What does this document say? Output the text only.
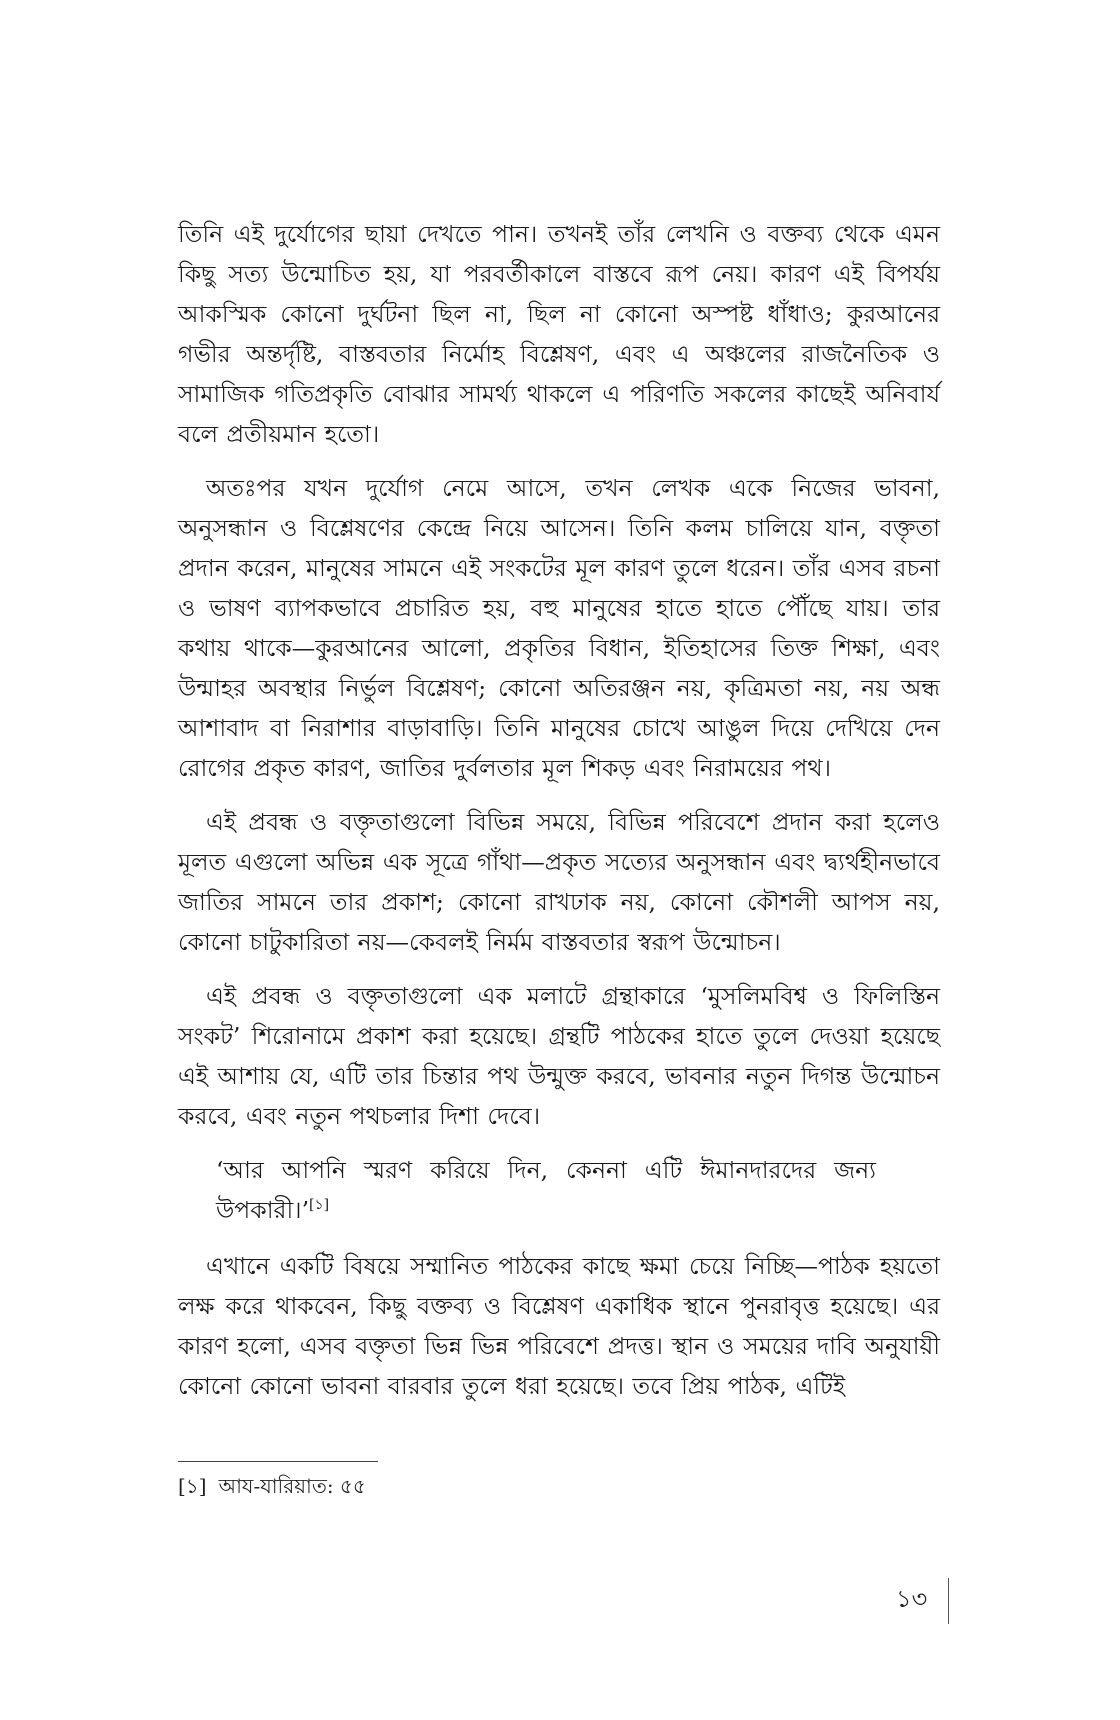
তিনি এই দুর্যোগের ছায়া দেখতে পান। তখনই তাঁর লেখনি ও বক্তব্য থেকে এমন কিছু সত্য উন্মোচিত হয়, যা পরবর্তীকালে বাস্তবে রূপ নেয়। কারণ এই বিপর্যয় আকস্মিক কোনো দুর্ঘটনা ছিল না, ছিল না কোনো অস্পষ্ট ধাঁধাও; কুরআনের গভীর অন্তর্দৃষ্টি, বাস্তবতার নির্মোহ বিশ্লেষণ, এবং এ অঞ্চলের রাজনৈতিক ও সামাজিক গতিপ্রকৃতি বোঝার সামর্থ্য থাকলে এ পরিণতি সকলের কাছেই অনিবার্য বলে প্রতীয়মান হতো।

অতঃপর যখন দুর্যোগ নেমে আসে, তখন লেখক একে নিজের ভাবনা, অনুসন্ধান ও বিশ্লেষণের কেন্দ্রে নিয়ে আসেন। তিনি কলম চালিয়ে যান, বক্তৃতা প্রদান করেন, মানুষের সামনে এই সংকটের মূল কারণ তুলে ধরেন। তাঁর এসব রচনা ও ভাষণ ব্যাপকভাবে প্রচারিত হয়, বহু মানুষের হাতে হাতে পৌঁছে যায়। তার কথায় থাকে—কুরআনের আলো, প্রকৃতির বিধান, ইতিহাসের তিক্ত শিক্ষা, এবং উন্মাহর অবস্থার নির্ভুল বিশ্লেষণ; কোনো অতিরঞ্জন নয়, কৃত্রিমতা নয়, নয় অন্ধ আশাবাদ বা নিরাশার বাড়াবাড়ি। তিনি মানুষের চোখে আঙুল দিয়ে দেখিয়ে দেন রোগের প্রকৃত কারণ, জাতির দুর্বলতার মূল শিকড় এবং নিরাময়ের পথ।

এই প্রবন্ধ ও বক্তৃতাগুলো বিভিন্ন সময়ে, বিভিন্ন পরিবেশে প্রদান করা হলেও মূলত এগুলো অভিন্ন এক সূত্রে গাঁথা—প্রকৃত সত্যের অনুসন্ধান এবং দ্ব্যর্থহীনভাবে জাতির সামনে তার প্রকাশ; কোনো রাখঢাক নয়, কোনো কৌশলী আপস নয়, কোনো চাটুকারিতা নয়—কেবলই নির্মম বাস্তবতার স্বরূপ উন্মোচন।

এই প্রবন্ধ ও বক্তৃতাগুলো এক মলাটে গ্রন্থাকারে ‘মুসলিমবিশ্ব ও ফিলিস্তিন সংকট’ শিরোনামে প্রকাশ করা হয়েছে। গ্রন্থটি পাঠকের হাতে তুলে দেওয়া হয়েছে এই আশায় যে, এটি তার চিন্তার পথ উন্মুক্ত করবে, ভাবনার নতুন দিগন্ত উন্মোচন করবে, এবং নতুন পথচলার দিশা দেবে।

‘আর আপনি স্মরণ করিয়ে দিন, কেননা এটি ঈমানদারদের জন্য উপকারী।’[১]

এখানে একটি বিষয়ে সম্মানিত পাঠকের কাছে ক্ষমা চেয়ে নিচ্ছি—পাঠক হয়তো লক্ষ করে থাকবেন, কিছু বক্তব্য ও বিশ্লেষণ একাধিক স্থানে পুনরাবৃত্ত হয়েছে। এর কারণ হলো, এসব বক্তৃতা ভিন্ন ভিন্ন পরিবেশে প্রদত্ত। স্থান ও সময়ের দাবি অনুযায়ী কোনো কোনো ভাবনা বারবার তুলে ধরা হয়েছে। তবে প্রিয় পাঠক, এটিই

[১] আয-যারিয়াত: ৫৫
১৩
